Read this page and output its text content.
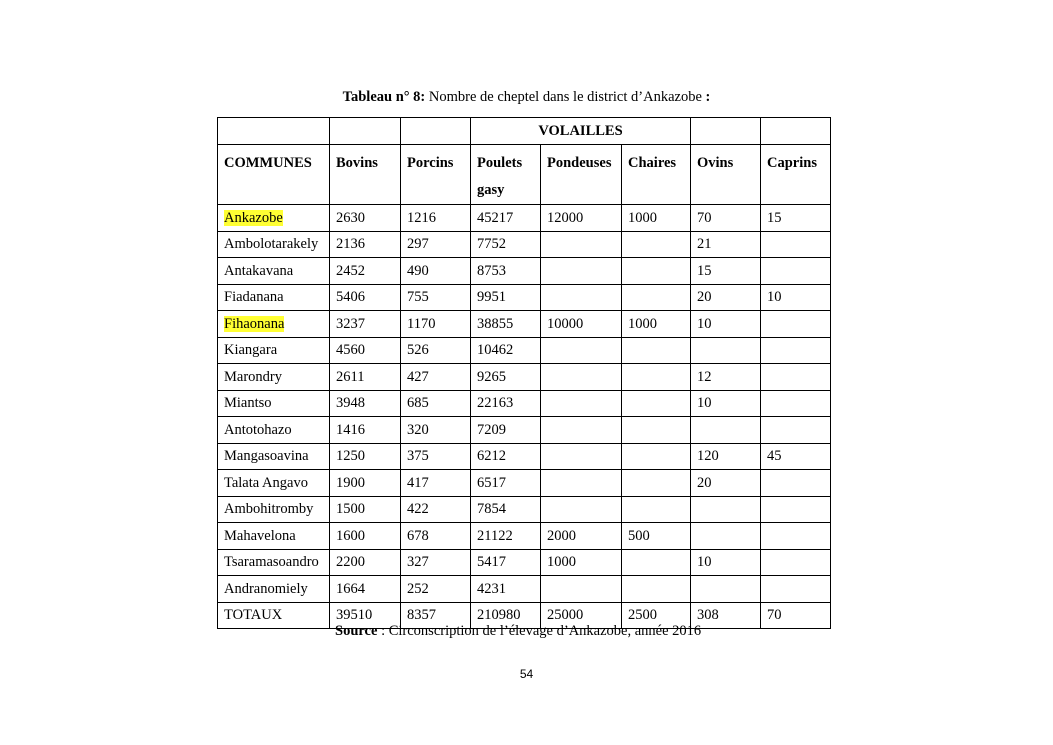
Tableau n° 8: Nombre de cheptel dans le district d’Ankazobe :
			VOLAILLES				
COMMUNES	Bovins	Porcins	Poulets gasy	Pondeuses	Chaires	Ovins	Caprins
Ankazobe	2630	1216	45217	12000	1000	70	15
Ambolotarakely	2136	297	7752			21	
Antakavana	2452	490	8753			15	
Fiadanana	5406	755	9951			20	10
Fihaonana	3237	1170	38855	10000	1000	10	
Kiangara	4560	526	10462				
Marondry	2611	427	9265			12	
Miantso	3948	685	22163			10	
Antotohazo	1416	320	7209				
Mangasoavina	1250	375	6212			120	45
Talata Angavo	1900	417	6517			20	
Ambohitromby	1500	422	7854				
Mahavelona	1600	678	21122	2000	500		
Tsaramasoandro	2200	327	5417	1000		10	
Andranomiely	1664	252	4231				
TOTAUX	39510	8357	210980	25000	2500	308	70
Source : Circonscription de l’élevage d’Ankazobe, année 2016
54
